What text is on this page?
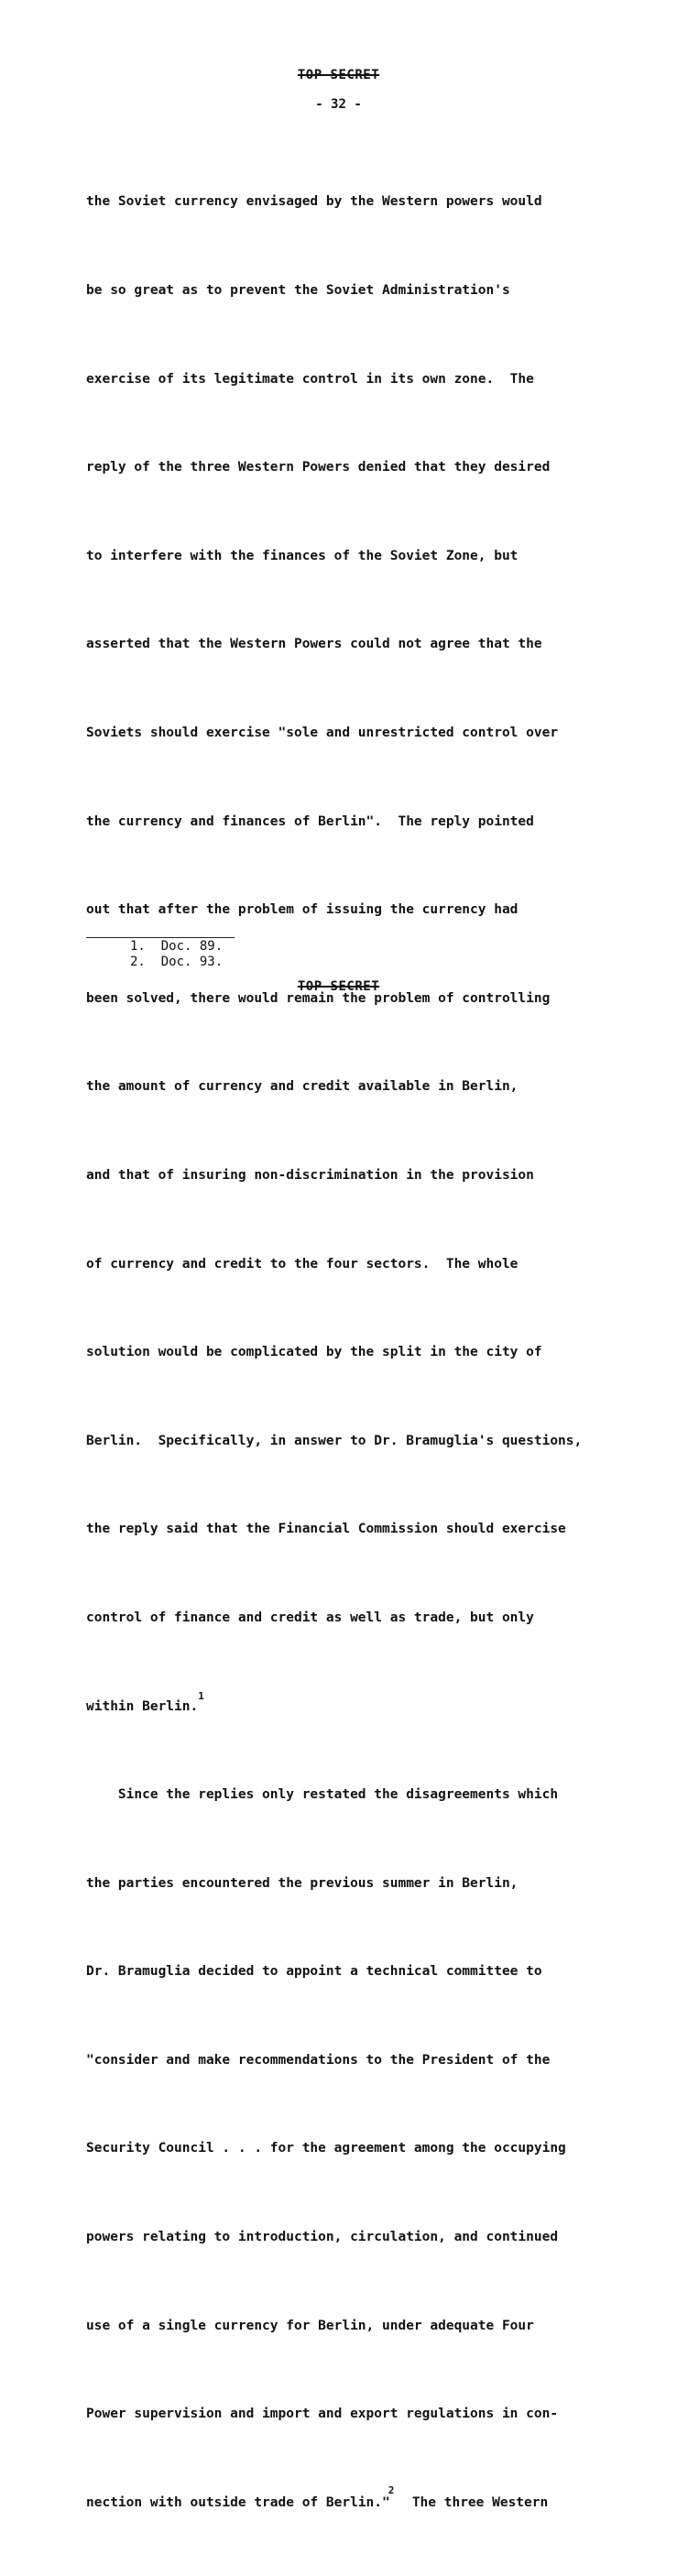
TOP SECRET
- 32 -

the Soviet currency envisaged by the Western powers would

be so great as to prevent the Soviet Administration's

exercise of its legitimate control in its own zone.  The

reply of the three Western Powers denied that they desired

to interfere with the finances of the Soviet Zone, but

asserted that the Western Powers could not agree that the

Soviets should exercise "sole and unrestricted control over

the currency and finances of Berlin".  The reply pointed

out that after the problem of issuing the currency had

been solved, there would remain the problem of controlling

the amount of currency and credit available in Berlin,

and that of insuring non-discrimination in the provision

of currency and credit to the four sectors.  The whole

solution would be complicated by the split in the city of

Berlin.  Specifically, in answer to Dr. Bramuglia's questions,

the reply said that the Financial Commission should exercise

control of finance and credit as well as trade, but only

within Berlin.$^1$

Since the replies only restated the disagreements which

the parties encountered the previous summer in Berlin,

Dr. Bramuglia decided to appoint a technical committee to

"consider and make recommendations to the President of the

Security Council . . . for the agreement among the occupying

powers relating to introduction, circulation, and continued

use of a single currency for Berlin, under adequate Four

Power supervision and import and export regulations in con-

nection with outside trade of Berlin."$^2$  The three Western

1.  Doc. 89.
2.  Doc. 93.
TOP SECRET
